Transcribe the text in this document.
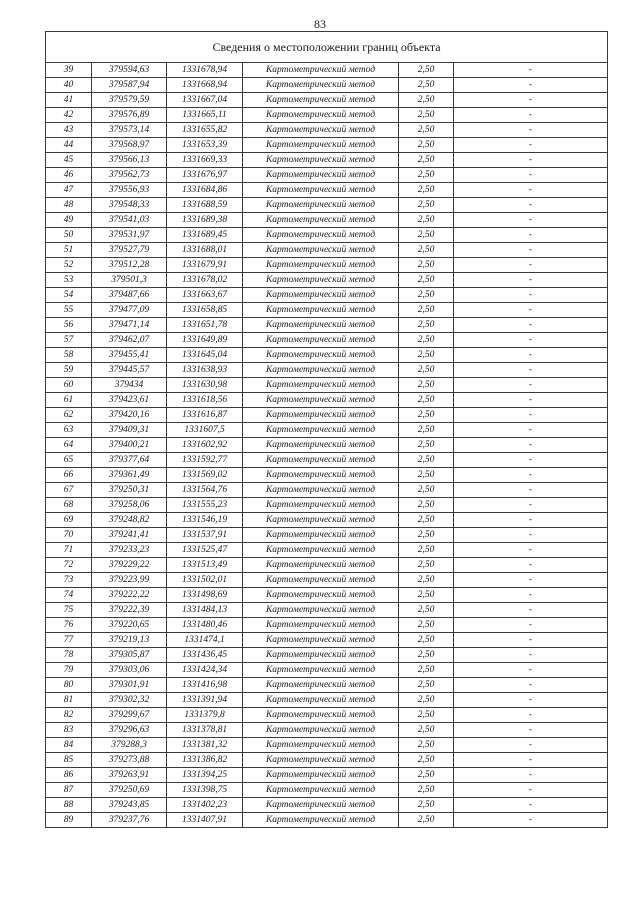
83
Сведения о местоположении границ объекта					
39	379594,63	1331678,94	Картометрический метод	2,50	-
40	379587,94	1331668,94	Картометрический метод	2,50	-
41	379579,59	1331667,04	Картометрический метод	2,50	-
42	379576,89	1331665,11	Картометрический метод	2,50	-
43	379573,14	1331655,82	Картометрический метод	2,50	-
44	379568,97	1331653,39	Картометрический метод	2,50	-
45	379566,13	1331669,33	Картометрический метод	2,50	-
46	379562,73	1331676,97	Картометрический метод	2,50	-
47	379556,93	1331684,86	Картометрический метод	2,50	-
48	379548,33	1331688,59	Картометрический метод	2,50	-
49	379541,03	1331689,38	Картометрический метод	2,50	-
50	379531,97	1331689,45	Картометрический метод	2,50	-
51	379527,79	1331688,01	Картометрический метод	2,50	-
52	379512,28	1331679,91	Картометрический метод	2,50	-
53	379501,3	1331678,02	Картометрический метод	2,50	-
54	379487,66	1331663,67	Картометрический метод	2,50	-
55	379477,09	1331658,85	Картометрический метод	2,50	-
56	379471,14	1331651,78	Картометрический метод	2,50	-
57	379462,07	1331649,89	Картометрический метод	2,50	-
58	379455,41	1331645,04	Картометрический метод	2,50	-
59	379445,57	1331638,93	Картометрический метод	2,50	-
60	379434	1331630,98	Картометрический метод	2,50	-
61	379423,61	1331618,56	Картометрический метод	2,50	-
62	379420,16	1331616,87	Картометрический метод	2,50	-
63	379409,31	1331607,5	Картометрический метод	2,50	-
64	379400,21	1331602,92	Картометрический метод	2,50	-
65	379377,64	1331592,77	Картометрический метод	2,50	-
66	379361,49	1331569,02	Картометрический метод	2,50	-
67	379250,31	1331564,76	Картометрический метод	2,50	-
68	379258,06	1331555,23	Картометрический метод	2,50	-
69	379248,82	1331546,19	Картометрический метод	2,50	-
70	379241,41	1331537,91	Картометрический метод	2,50	-
71	379233,23	1331525,47	Картометрический метод	2,50	-
72	379229,22	1331513,49	Картометрический метод	2,50	-
73	379223,99	1331502,01	Картометрический метод	2,50	-
74	379222,22	1331498,69	Картометрический метод	2,50	-
75	379222,39	1331484,13	Картометрический метод	2,50	-
76	379220,65	1331480,46	Картометрический метод	2,50	-
77	379219,13	1331474,1	Картометрический метод	2,50	-
78	379305,87	1331436,45	Картометрический метод	2,50	-
79	379303,06	1331424,34	Картометрический метод	2,50	-
80	379301,91	1331416,98	Картометрический метод	2,50	-
81	379302,32	1331391,94	Картометрический метод	2,50	-
82	379299,67	1331379,8	Картометрический метод	2,50	-
83	379296,63	1331378,81	Картометрический метод	2,50	-
84	379288,3	1331381,32	Картометрический метод	2,50	-
85	379273,88	1331386,82	Картометрический метод	2,50	-
86	379263,91	1331394,25	Картометрический метод	2,50	-
87	379250,69	1331398,75	Картометрический метод	2,50	-
88	379243,85	1331402,23	Картометрический метод	2,50	-
89	379237,76	1331407,91	Картометрический метод	2,50	-
